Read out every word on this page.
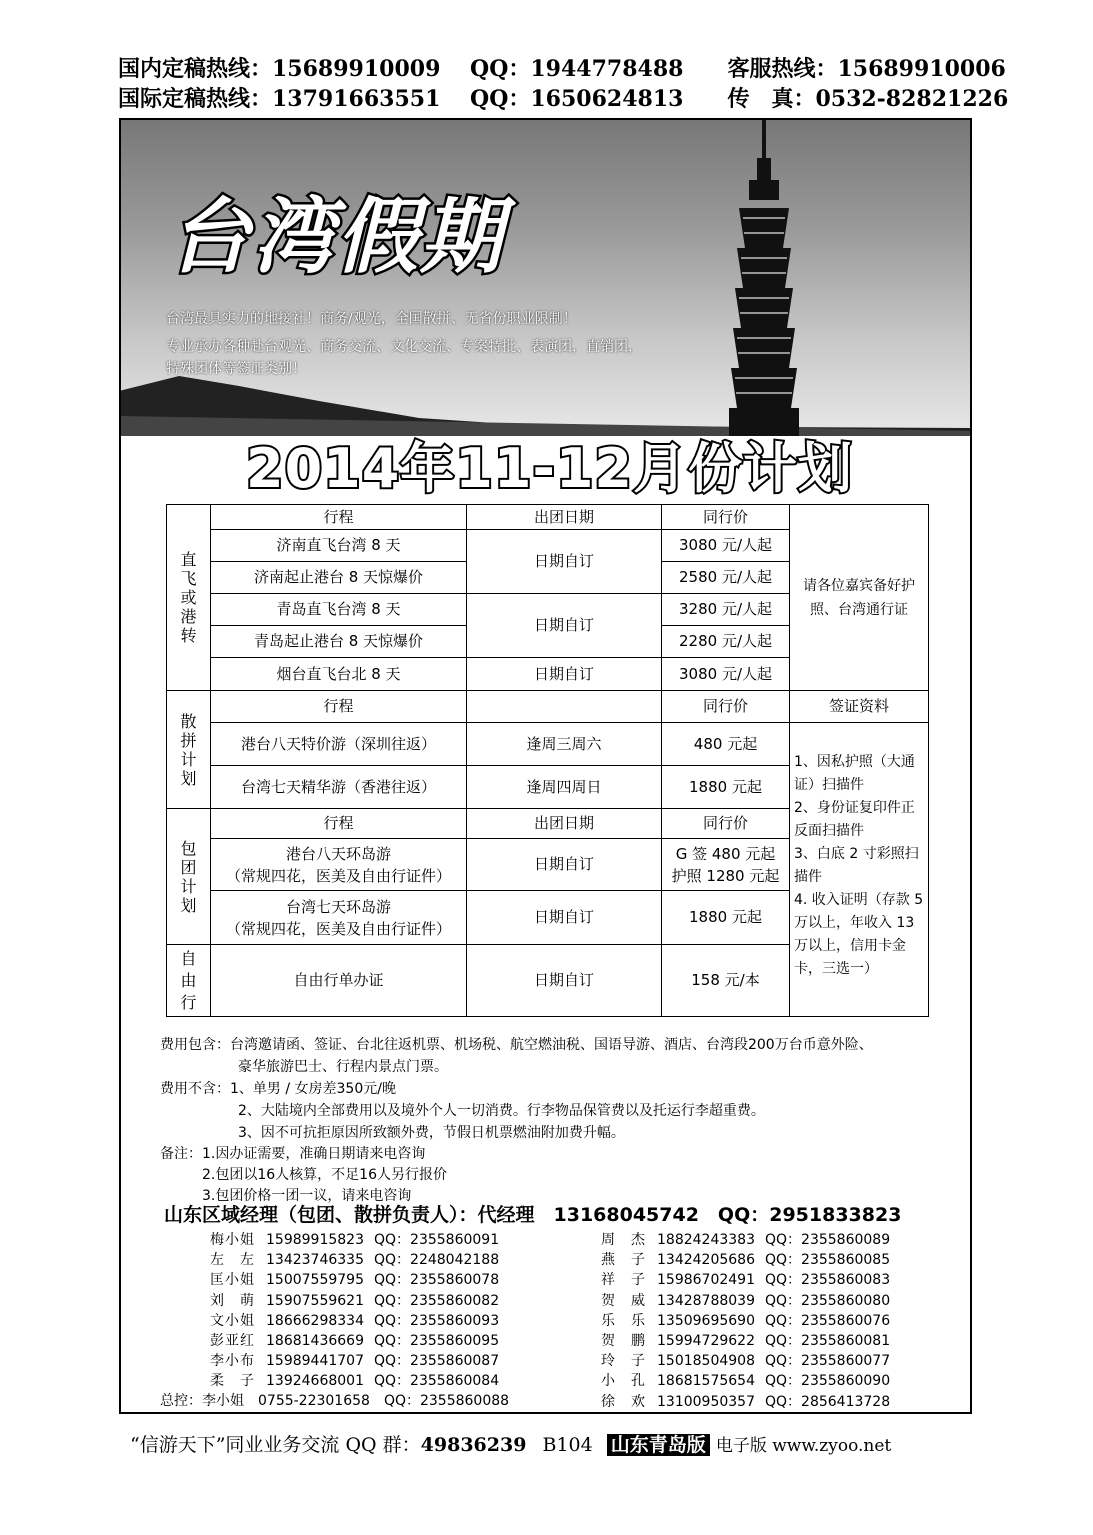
国内定稿热线：15689910009　 QQ：1944778488　　客服热线：15689910006
国际定稿热线：13791663551　 QQ：1650624813　　传　真：0532-82821226
台湾假期
台湾最具实力的地接社！商务/观光，全国散拼、无省份职业限制！
专业承办各种赴台观光、商务交流、文化交流、专案特批、表演团，直销团，
特殊团体等签证类别！
2014年11-12月份计划
直飞或港转	行程	出团日期	同行价	请各位嘉宾备好护照、台湾通行证
	济南直飞台湾 8 天	日期自订	3080 元/人起	
	济南起止港台 8 天惊爆价		2580 元/人起	
	青岛直飞台湾 8 天	日期自订	3280 元/人起	
	青岛起止港台 8 天惊爆价		2280 元/人起	
	烟台直飞台北 8 天	日期自订	3080 元/人起	

散拼计划	行程		同行价	签证资料
	港台八天特价游（深圳往返）	逢周三周六	480 元起	1、因私护照（大通证）扫描件
2、身份证复印件正反面扫描件
3、白底 2 寸彩照扫描件
4. 收入证明（存款 5 万以上，年收入 13 万以上，信用卡金卡，三选一）
	台湾七天精华游（香港往返）	逢周四周日	1880 元起	

包团计划	行程	出团日期	同行价	
	港台八天环岛游
（常规四花，医美及自由行证件）	日期自订	G 签 480 元起
护照 1280 元起	
	台湾七天环岛游
（常规四花，医美及自由行证件）	日期自订	1880 元起	

自由行	自由行单办证	日期自订	158 元/本	
费用包含：台湾邀请函、签证、台北往返机票、机场税、航空燃油税、国语导游、酒店、台湾段200万台币意外险、
豪华旅游巴士、行程内景点门票。
费用不含：1、单男 / 女房差350元/晚
2、大陆境内全部费用以及境外个人一切消费。行李物品保管费以及托运行李超重费。
3、因不可抗拒原因所致额外费，节假日机票燃油附加费升幅。
备注：1.因办证需要，准确日期请来电咨询
2.包团以16人核算，不足16人另行报价
3.包团价格一团一议，请来电咨询
山东区域经理（包团、散拼负责人）：代经理　13168045742　QQ：2951833823
总控：李小姐　0755-22301658　QQ：2355860088
“信游天下”同业业务交流 QQ 群：49836239 B104 山东青岛版 电子版 www.zyoo.net
梅小姐 15989915823 QQ：2355860091
左　左 13423746335 QQ：2248042188
匡小姐 15007559795 QQ：2355860078
刘　萌 15907559621 QQ：2355860082
文小姐 18666298334 QQ：2355860093
彭亚红 18681436669 QQ：2355860095
李小布 15989441707 QQ：2355860087
柔　子 13924668001 QQ：2355860084
周　杰 18824243383 QQ：2355860089
燕　子 13424205686 QQ：2355860085
祥　子 15986702491 QQ：2355860083
贺　威 13428788039 QQ：2355860080
乐　乐 13509695690 QQ：2355860076
贺　鹏 15994729622 QQ：2355860081
玲　子 15018504908 QQ：2355860077
小　孔 18681575654 QQ：2355860090
徐　欢 13100950357 QQ：2856413728
